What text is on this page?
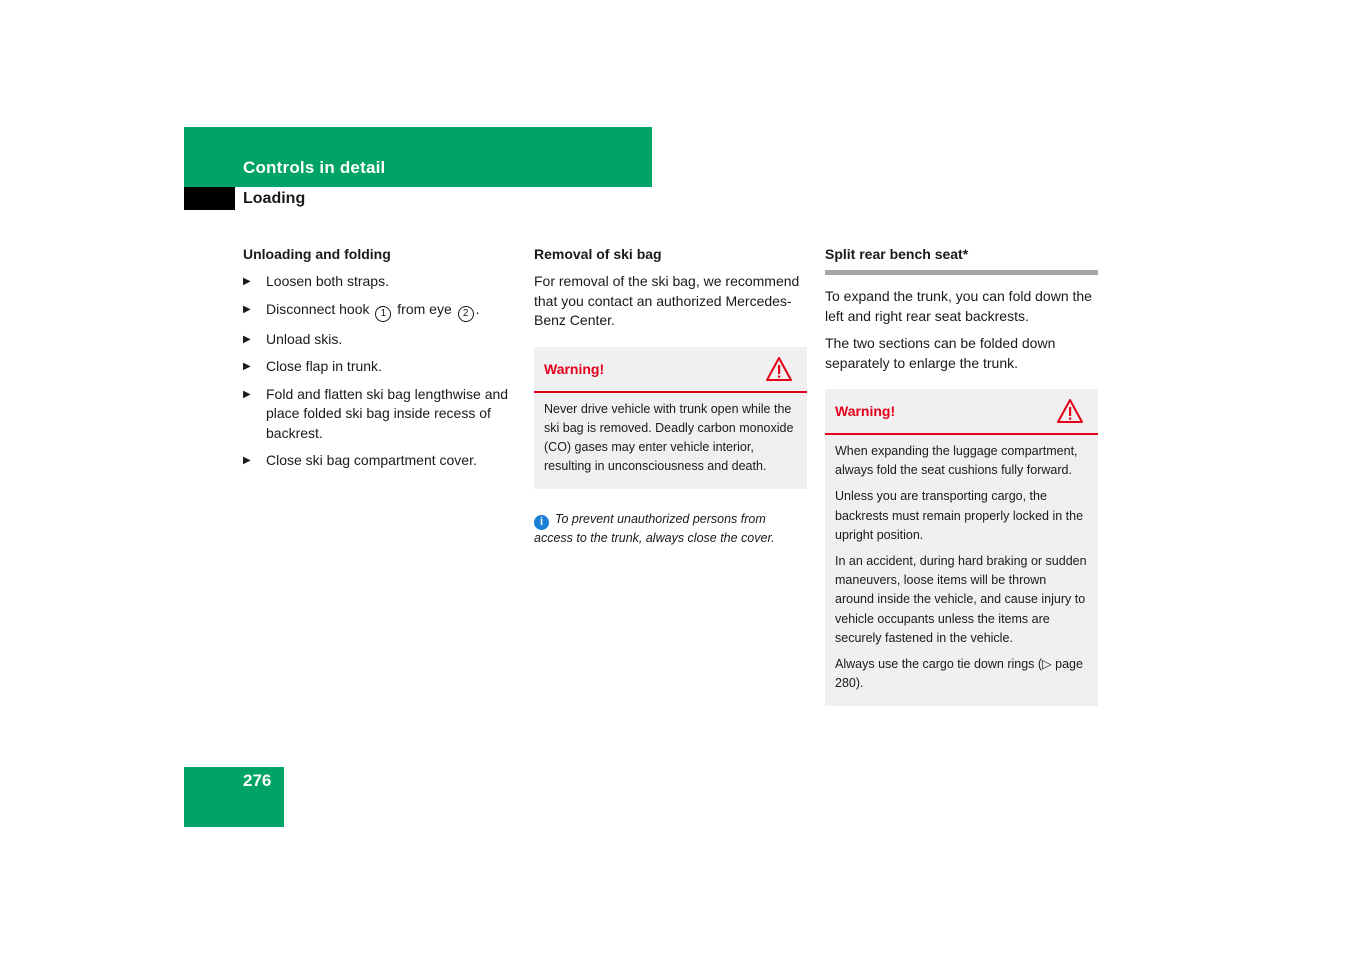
Controls in detail
Loading
Unloading and folding
▶ Loosen both straps.
▶ Disconnect hook 1 from eye 2 .
▶ Unload skis.
▶ Close flap in trunk.
▶ Fold and flatten ski bag lengthwise and place folded ski bag inside recess of backrest.
▶ Close ski bag compartment cover.
Removal of ski bag

For removal of the ski bag, we recommend that you contact an authorized Mercedes-Benz Center.

Warning!

Never drive vehicle with trunk open while the ski bag is removed. Deadly carbon monoxide (CO) gases may enter vehicle interior, resulting in unconsciousness and death.

i To prevent unauthorized persons from access to the trunk, always close the cover.
Split rear bench seat*

To expand the trunk, you can fold down the left and right rear seat backrests.

The two sections can be folded down separately to enlarge the trunk.

Warning!

When expanding the luggage compartment, always fold the seat cushions fully forward.

Unless you are transporting cargo, the backrests must remain properly locked in the upright position.

In an accident, during hard braking or sudden maneuvers, loose items will be thrown around inside the vehicle, and cause injury to vehicle occupants unless the items are securely fastened in the vehicle.

Always use the cargo tie down rings (▷ page 280).

276
